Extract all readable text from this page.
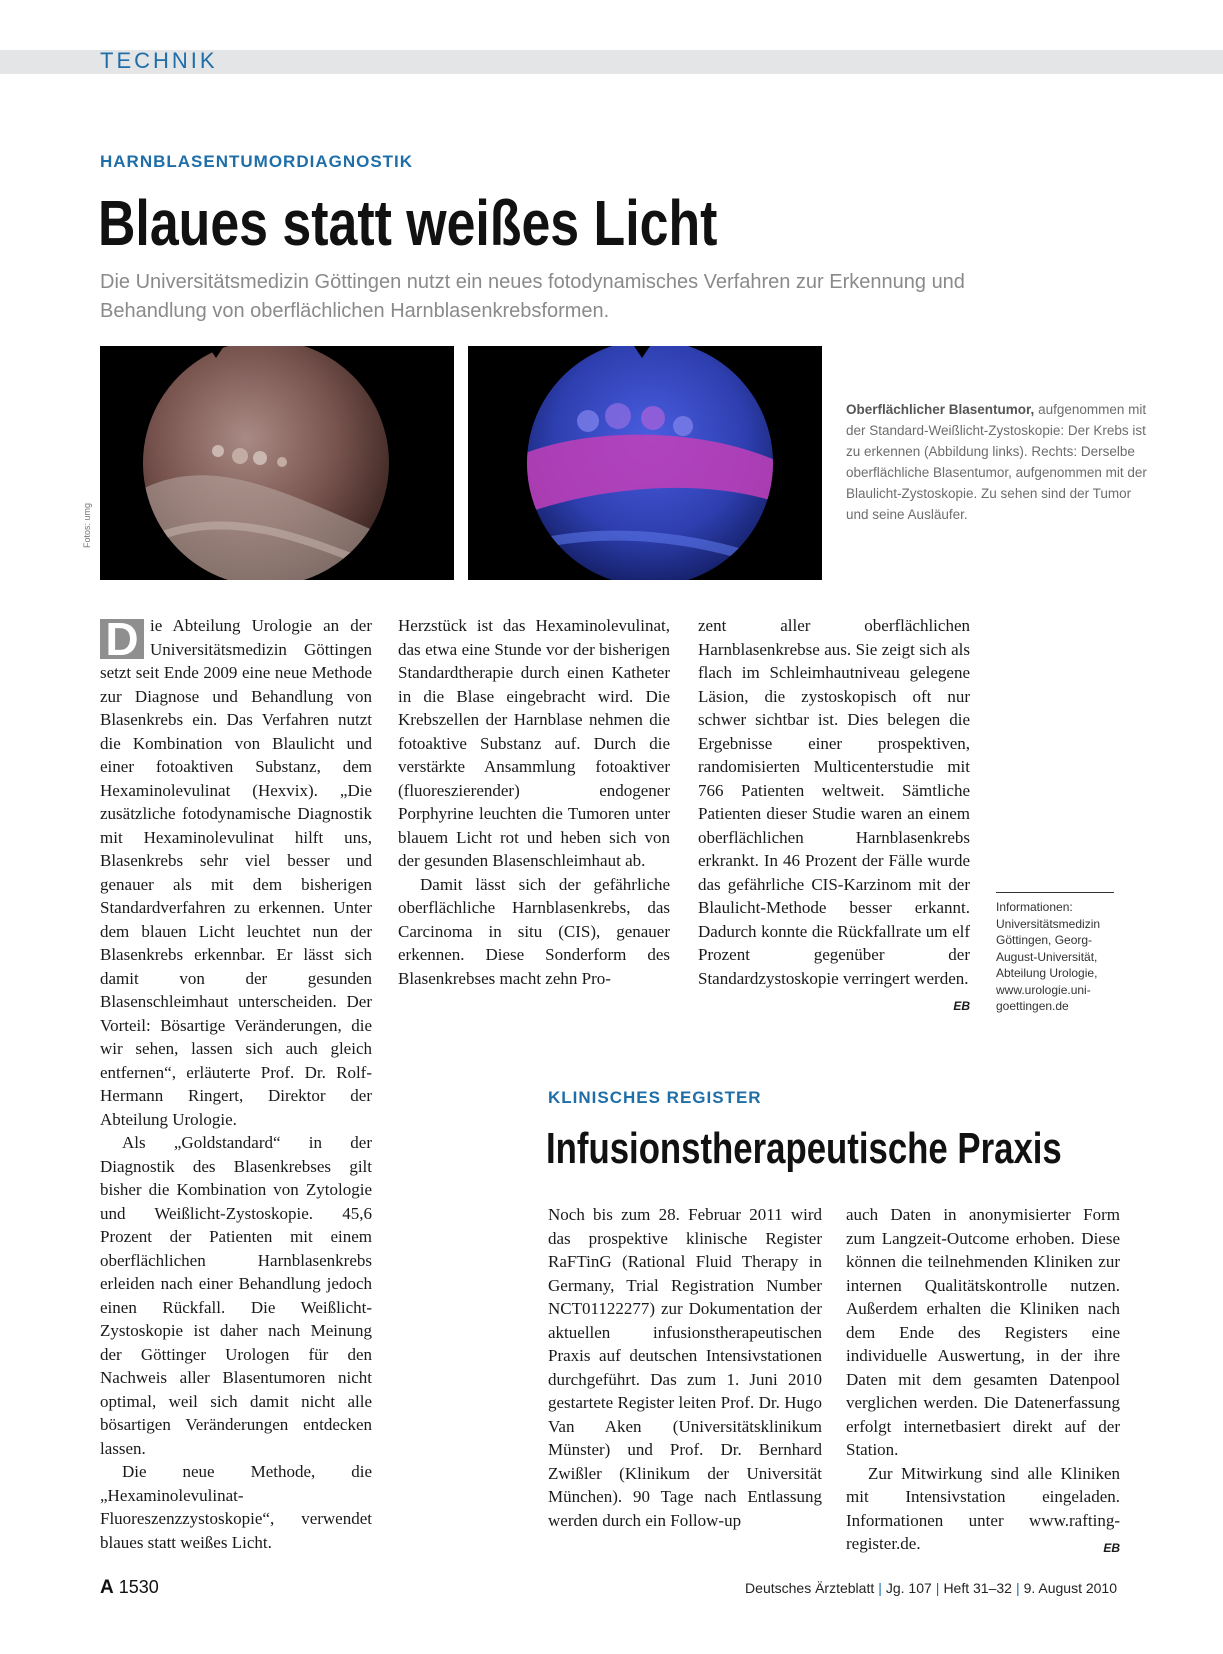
TECHNIK
HARNBLASENTUMORDIAGNOSTIK
Blaues statt weißes Licht
Die Universitätsmedizin Göttingen nutzt ein neues fotodynamisches Verfahren zur Erkennung und Behandlung von oberflächlichen Harnblasenkrebsformen.
Fotos: umg
Oberflächlicher Blasentumor, aufgenommen mit der Standard-Weißlicht-Zystoskopie: Der Krebs ist zu erkennen (Abbildung links). Rechts: Derselbe oberflächliche Blasentumor, aufgenommen mit der Blaulicht-Zystoskopie. Zu sehen sind der Tumor und seine Ausläufer.

D ie Abteilung Urologie an der Universitätsmedizin Göttingen setzt seit Ende 2009 eine neue Methode zur Diagnose und Behandlung von Blasenkrebs ein. Das Verfahren nutzt die Kombination von Blaulicht und einer fotoaktiven Substanz, dem Hexaminolevulinat (Hexvix). „Die zusätzliche fotodynamische Diagnostik mit Hexaminolevulinat hilft uns, Blasenkrebs sehr viel besser und genauer als mit dem bisherigen Standardverfahren zu erkennen. Unter dem blauen Licht leuchtet nun der Blasenkrebs erkennbar. Er lässt sich damit von der gesunden Blasenschleimhaut unterscheiden. Der Vorteil: Bösartige Veränderungen, die wir sehen, lassen sich auch gleich entfernen“, erläuterte Prof. Dr. Rolf-Hermann Ringert, Direktor der Abteilung Urologie.

Als „Goldstandard“ in der Diagnostik des Blasenkrebses gilt bisher die Kombination von Zytologie und Weißlicht-Zystoskopie. 45,6 Prozent der Patienten mit einem oberflächlichen Harnblasenkrebs erleiden nach einer Behandlung jedoch einen Rückfall. Die Weißlicht-Zystoskopie ist daher nach Meinung der Göttinger Urologen für den Nachweis aller Blasentumoren nicht optimal, weil sich damit nicht alle bösartigen Veränderungen entdecken lassen.

Die neue Methode, die „Hexaminolevulinat-Fluoreszenzzystoskopie“, verwendet blaues statt weißes Licht.

Herzstück ist das Hexaminolevulinat, das etwa eine Stunde vor der bisherigen Standardtherapie durch einen Katheter in die Blase eingebracht wird. Die Krebszellen der Harnblase nehmen die fotoaktive Substanz auf. Durch die verstärkte Ansammlung fotoaktiver (fluoreszierender) endogener Porphyrine leuchten die Tumoren unter blauem Licht rot und heben sich von der gesunden Blasenschleimhaut ab.

Damit lässt sich der gefährliche oberflächliche Harnblasenkrebs, das Carcinoma in situ (CIS), genauer erkennen. Diese Sonderform des Blasenkrebses macht zehn Pro-

zent aller oberflächlichen Harnblasenkrebse aus. Sie zeigt sich als flach im Schleimhautniveau gelegene Läsion, die zystoskopisch oft nur schwer sichtbar ist. Dies belegen die Ergebnisse einer prospektiven, randomisierten Multicenterstudie mit 766 Patienten weltweit. Sämtliche Patienten dieser Studie waren an einem oberflächlichen Harnblasenkrebs erkrankt. In 46 Prozent der Fälle wurde das gefährliche CIS-Karzinom mit der Blaulicht-Methode besser erkannt. Dadurch konnte die Rückfallrate um elf Prozent gegenüber der Standardzystoskopie verringert werden.
EB

Informationen: Universitätsmedizin Göttingen, Georg-August-Universität, Abteilung Urologie, www.urologie.uni-goettingen.de
KLINISCHES REGISTER
Infusionstherapeutische Praxis

Noch bis zum 28. Februar 2011 wird das prospektive klinische Register RaFTinG (Rational Fluid Therapy in Germany, Trial Registration Number NCT01122277) zur Dokumentation der aktuellen infusionstherapeutischen Praxis auf deutschen Intensivstationen durchgeführt. Das zum 1. Juni 2010 gestartete Register leiten Prof. Dr. Hugo Van Aken (Universitätsklinikum Münster) und Prof. Dr. Bernhard Zwißler (Klinikum der Universität München). 90 Tage nach Entlassung werden durch ein Follow-up

auch Daten in anonymisierter Form zum Langzeit-Outcome erhoben. Diese können die teilnehmenden Kliniken zur internen Qualitätskontrolle nutzen. Außerdem erhalten die Kliniken nach dem Ende des Registers eine individuelle Auswertung, in der ihre Daten mit dem gesamten Datenpool verglichen werden. Die Datenerfassung erfolgt internetbasiert direkt auf der Station.

Zur Mitwirkung sind alle Kliniken mit Intensivstation eingeladen. Informationen unter www.rafting-register.de.	EB

A 1530	Deutsches Ärzteblatt | Jg. 107 | Heft 31–32 | 9. August 2010
